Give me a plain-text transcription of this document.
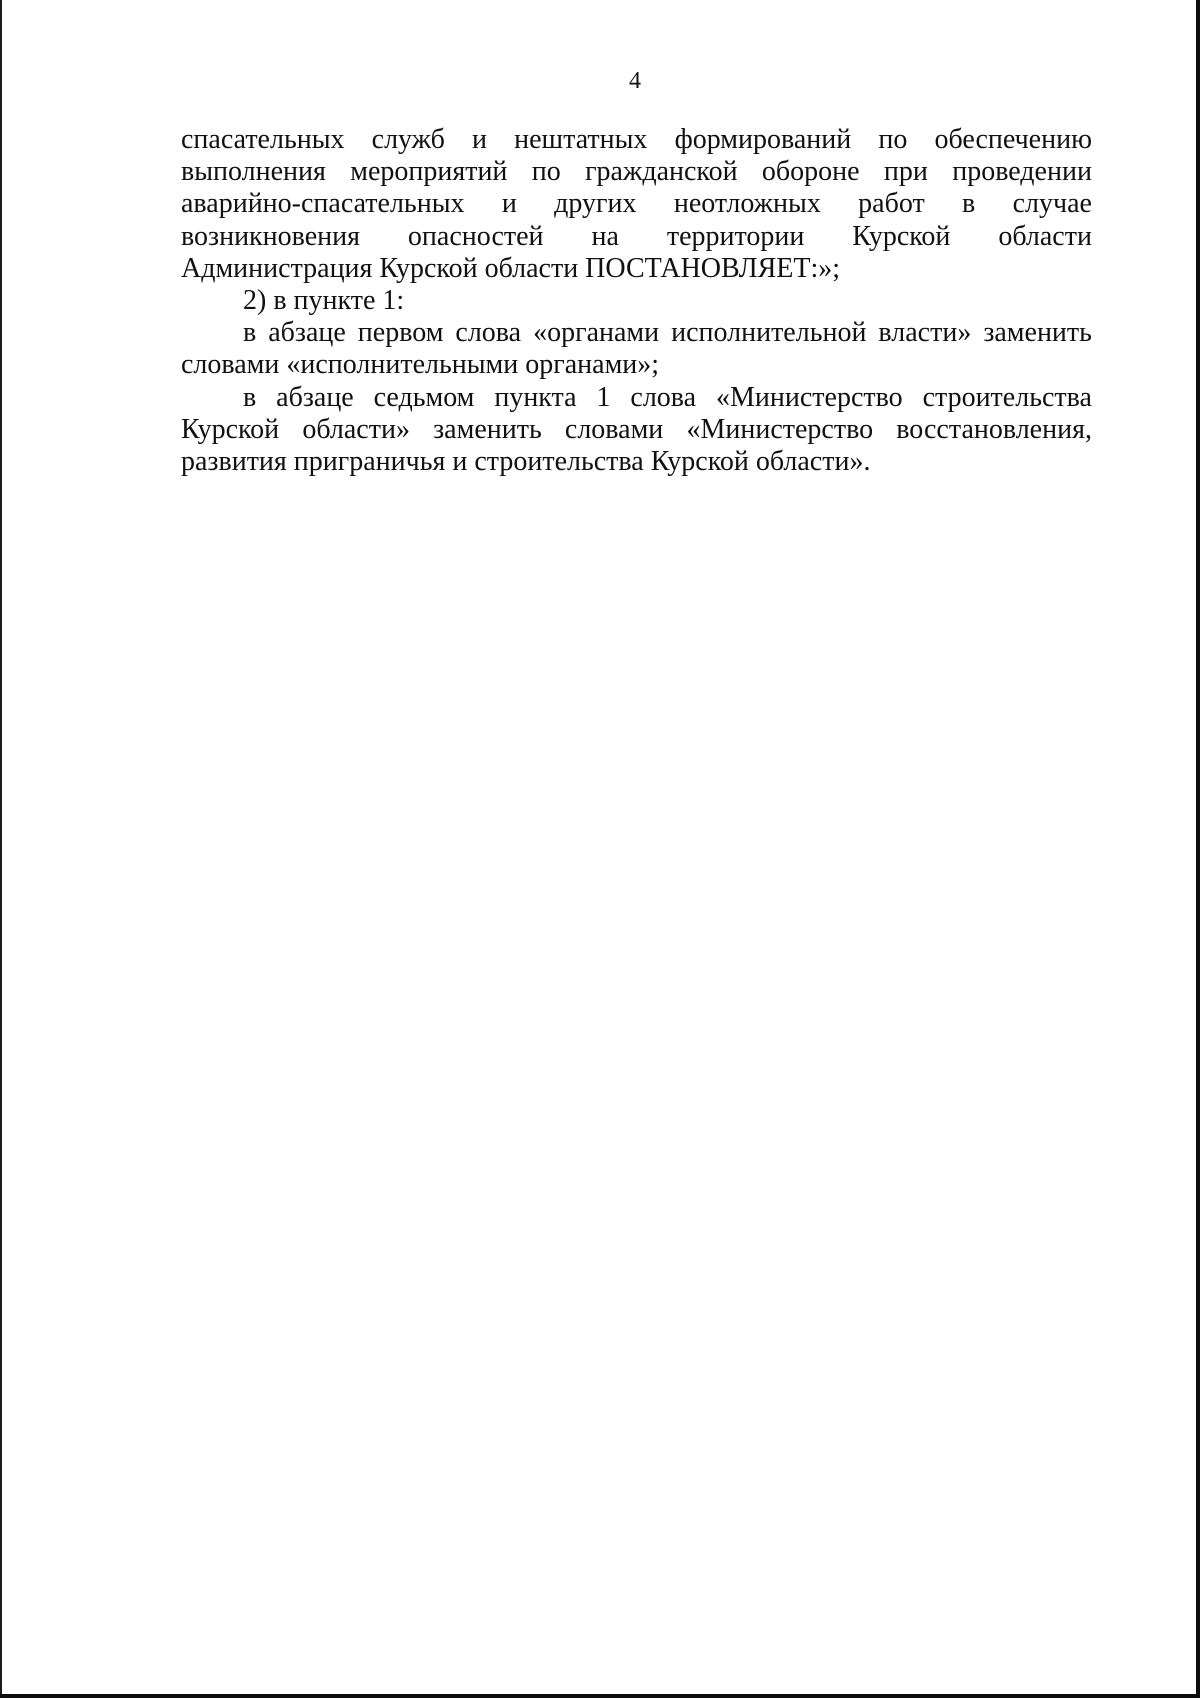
4
спасательных служб и нештатных формирований по обеспечению
выполнения мероприятий по гражданской обороне при проведении
аварийно-спасательных и других неотложных работ в случае
возникновения опасностей на территории Курской области
Администрация Курской области ПОСТАНОВЛЯЕТ:»;
2) в пункте 1:
в абзаце первом слова «органами исполнительной власти» заменить
словами «исполнительными органами»;
в абзаце седьмом пункта 1 слова «Министерство строительства
Курской области» заменить словами «Министерство восстановления,
развития приграничья и строительства Курской области».
